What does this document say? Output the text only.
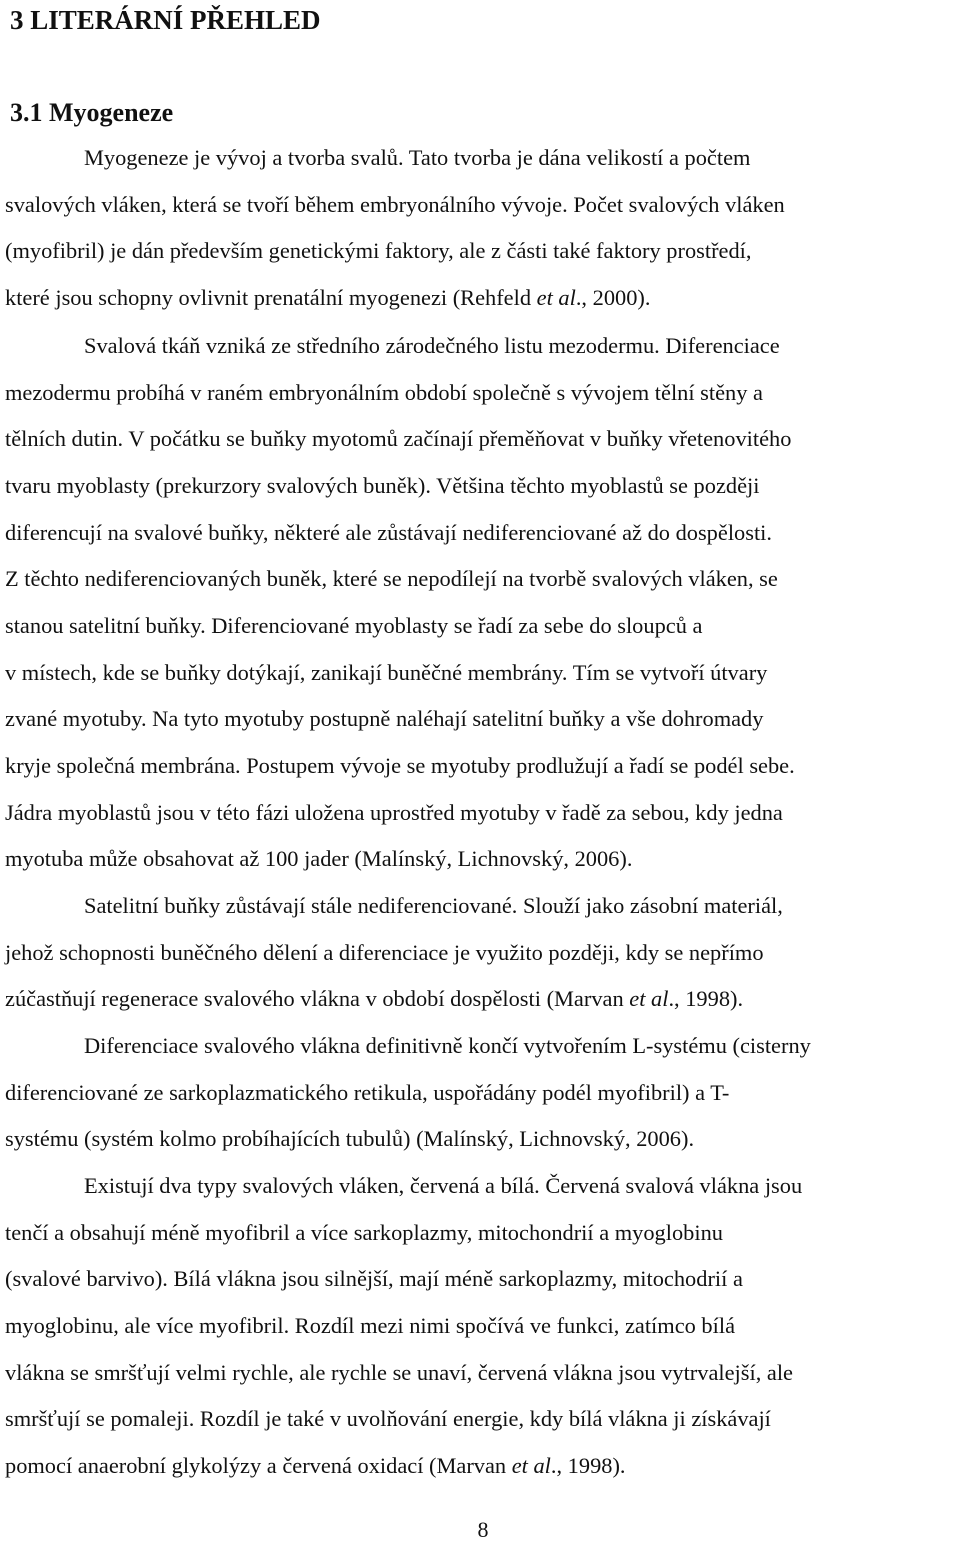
3 LITERÁRNÍ PŘEHLED
3.1 Myogeneze
Myogeneze je vývoj a tvorba svalů. Tato tvorba je dána velikostí a počtem
svalových vláken, která se tvoří během embryonálního vývoje. Počet svalových vláken
(myofibril) je dán především genetickými faktory, ale z části také faktory prostředí,
které jsou schopny ovlivnit prenatální myogenezi (Rehfeld et al., 2000).
Svalová tkáň vzniká ze středního zárodečného listu mezodermu. Diferenciace
mezodermu probíhá v raném embryonálním období společně s vývojem tělní stěny a
tělních dutin. V počátku se buňky myotomů začínají přeměňovat v buňky vřetenovitého
tvaru myoblasty (prekurzory svalových buněk). Většina těchto myoblastů se později
diferencují na svalové buňky, některé ale zůstávají nediferenciované až do dospělosti.
Z těchto nediferenciovaných buněk, které se nepodílejí na tvorbě svalových vláken, se
stanou satelitní buňky. Diferenciované myoblasty se řadí za sebe do sloupců a
v místech, kde se buňky dotýkají, zanikají buněčné membrány. Tím se vytvoří útvary
zvané myotuby. Na tyto myotuby postupně naléhají satelitní buňky a vše dohromady
kryje společná membrána. Postupem vývoje se myotuby prodlužují a řadí se podél sebe.
Jádra myoblastů jsou v této fázi uložena uprostřed myotuby v řadě za sebou, kdy jedna
myotuba může obsahovat až 100 jader (Malínský, Lichnovský, 2006).
Satelitní buňky zůstávají stále nediferenciované. Slouží jako zásobní materiál,
jehož schopnosti buněčného dělení a diferenciace je využito později, kdy se nepřímo
zúčastňují regenerace svalového vlákna v období dospělosti (Marvan et al., 1998).
Diferenciace svalového vlákna definitivně končí vytvořením L-systému (cisterny
diferenciované ze sarkoplazmatického retikula, uspořádány podél myofibril) a T-
systému (systém kolmo probíhajících tubulů) (Malínský, Lichnovský, 2006).
Existují dva typy svalových vláken, červená a bílá. Červená svalová vlákna jsou
tenčí a obsahují méně myofibril a více sarkoplazmy, mitochondrií a myoglobinu
(svalové barvivo). Bílá vlákna jsou silnější, mají méně sarkoplazmy, mitochodrií a
myoglobinu, ale více myofibril. Rozdíl mezi nimi spočívá ve funkci, zatímco bílá
vlákna se smršťují velmi rychle, ale rychle se unaví, červená vlákna jsou vytrvalejší, ale
smršťují se pomaleji. Rozdíl je také v uvolňování energie, kdy bílá vlákna ji získávají
pomocí anaerobní glykolýzy a červená oxidací (Marvan et al., 1998).
8
